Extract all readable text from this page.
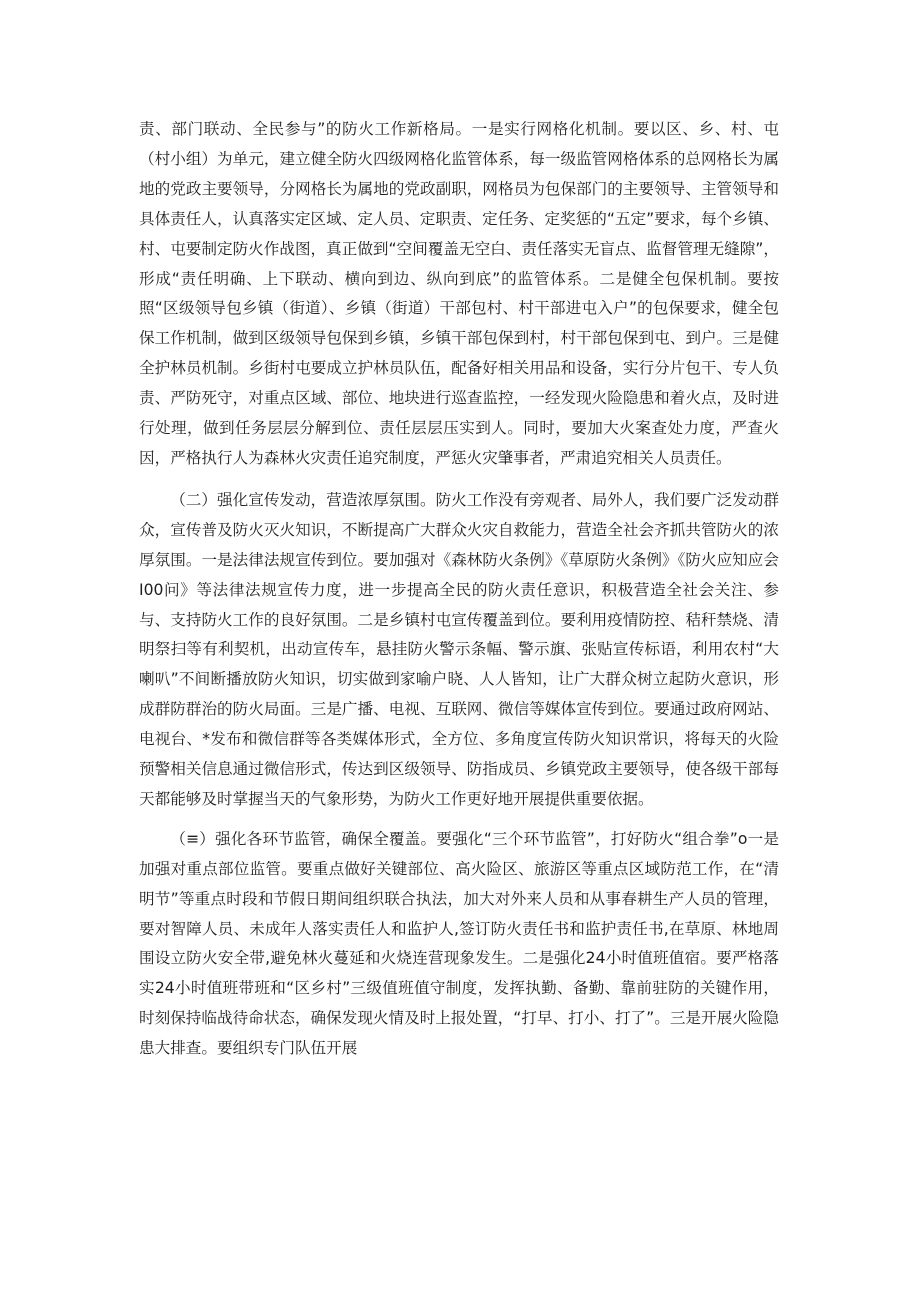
责、部门联动、全民参与”的防火工作新格局。一是实行网格化机制。要以区、乡、村、屯（村小组）为单元，建立健全防火四级网格化监管体系，每一级监管网格体系的总网格长为属地的党政主要领导，分网格长为属地的党政副职，网格员为包保部门的主要领导、主管领导和具体责任人，认真落实定区域、定人员、定职责、定任务、定奖惩的“五定”要求，每个乡镇、村、屯要制定防火作战图，真正做到“空间覆盖无空白、责任落实无盲点、监督管理无缝隙”，形成“责任明确、上下联动、横向到边、纵向到底”的监管体系。二是健全包保机制。要按照“区级领导包乡镇（街道）、乡镇（街道）干部包村、村干部进屯入户”的包保要求，健全包保工作机制，做到区级领导包保到乡镇，乡镇干部包保到村，村干部包保到屯、到户。三是健全护林员机制。乡街村屯要成立护林员队伍，配备好相关用品和设备，实行分片包干、专人负责、严防死守，对重点区域、部位、地块进行巡查监控，一经发现火险隐患和着火点，及时进行处理，做到任务层层分解到位、责任层层压实到人。同时，要加大火案查处力度，严查火因，严格执行人为森林火灾责任追究制度，严惩火灾肇事者，严肃追究相关人员责任。

（二）强化宣传发动，营造浓厚氛围。防火工作没有旁观者、局外人，我们要广泛发动群众，宣传普及防火灭火知识，不断提高广大群众火灾自救能力，营造全社会齐抓共管防火的浓厚氛围。一是法律法规宣传到位。要加强对《森林防火条例》《草原防火条例》《防火应知应会I00问》等法律法规宣传力度，进一步提高全民的防火责任意识，积极营造全社会关注、参与、支持防火工作的良好氛围。二是乡镇村屯宣传覆盖到位。要利用疫情防控、秸秆禁烧、清明祭扫等有利契机，出动宣传车，悬挂防火警示条幅、警示旗、张贴宣传标语，利用农村“大喇叭”不间断播放防火知识，切实做到家喻户晓、人人皆知，让广大群众树立起防火意识，形成群防群治的防火局面。三是广播、电视、互联网、微信等媒体宣传到位。要通过政府网站、电视台、*发布和微信群等各类媒体形式，全方位、多角度宣传防火知识常识，将每天的火险预警相关信息通过微信形式，传达到区级领导、防指成员、乡镇党政主要领导，使各级干部每天都能够及时掌握当天的气象形势，为防火工作更好地开展提供重要依据。

（≡）强化各环节监管，确保全覆盖。要强化“三个环节监管”，打好防火“组合拳”o一是加强对重点部位监管。要重点做好关键部位、高火险区、旅游区等重点区域防范工作，在“清明节”等重点时段和节假日期间组织联合执法，加大对外来人员和从事春耕生产人员的管理，要对智障人员、未成年人落实责任人和监护人,签订防火责任书和监护责任书,在草原、林地周围设立防火安全带,避免林火蔓延和火烧连营现象发生。二是强化24小时值班值宿。要严格落实24小时值班带班和“区乡村”三级值班值守制度，发挥执勤、备勤、靠前驻防的关键作用，时刻保持临战待命状态，确保发现火情及时上报处置，“打早、打小、打了”。三是开展火险隐患大排查。要组织专门队伍开展
